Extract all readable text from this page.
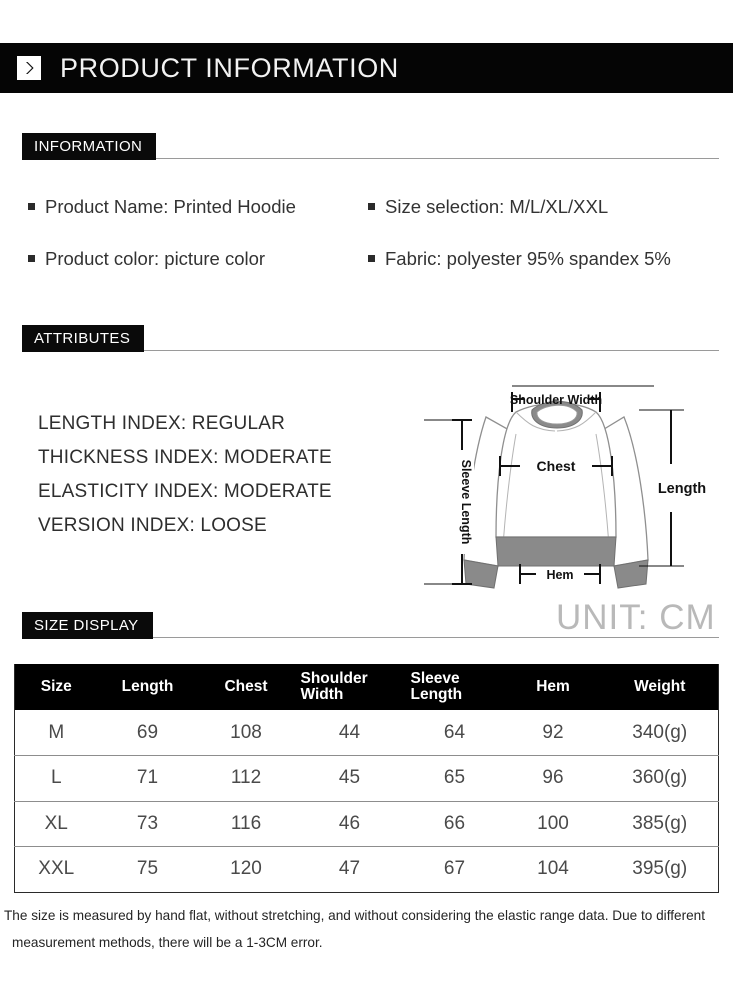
PRODUCT INFORMATION
INFORMATION
Product Name: Printed Hoodie	Size selection: M/L/XL/XXL
Product color: picture color	Fabric: polyester 95% spandex 5%
ATTRIBUTES
LENGTH INDEX: REGULAR
THICKNESS INDEX: MODERATE
ELASTICITY INDEX: MODERATE
VERSION INDEX: LOOSE
Shoulder Width
Sleeve Length	Chest
Length
Hem
UNIT: CM
SIZE DISPLAY
Size	Length	Chest	Shoulder Width	Sleeve Length	Hem	Weight
M	69	108	44	64	92	340(g)
L	71	112	45	65	96	360(g)
XL	73	116	46	66	100	385(g)
XXL	75	120	47	67	104	395(g)
The size is measured by hand flat, without stretching, and without considering the elastic range data. Due to different
measurement methods, there will be a 1-3CM error.
